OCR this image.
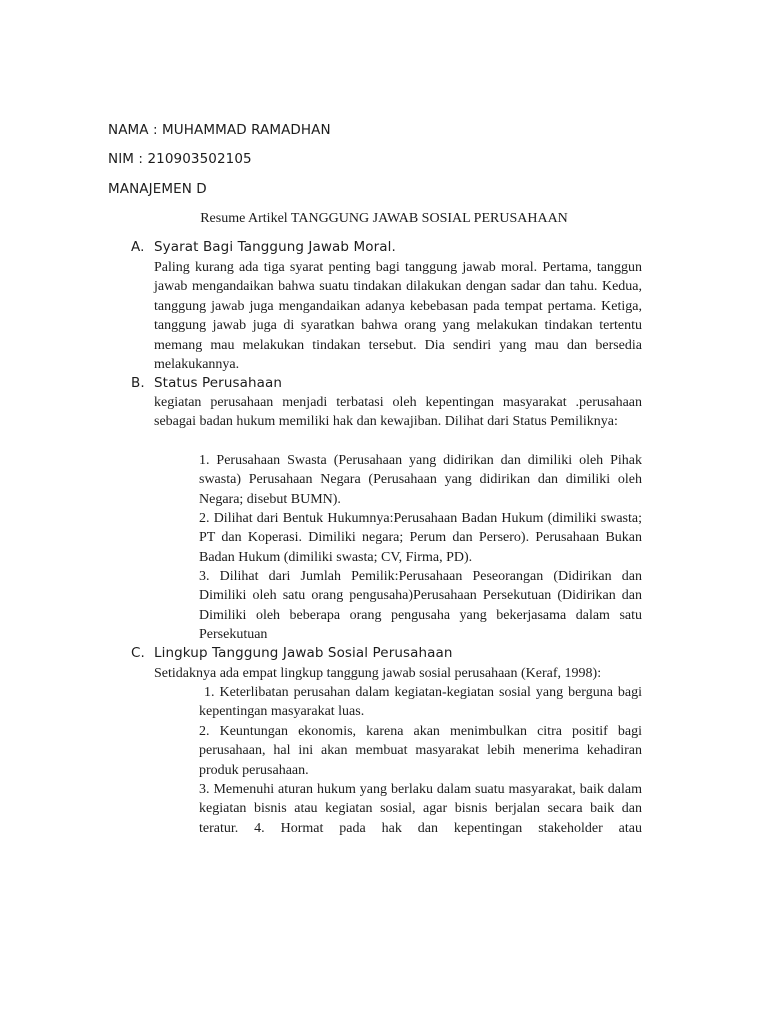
NAMA : MUHAMMAD RAMADHAN
NIM : 210903502105
MANAJEMEN D
Resume Artikel TANGGUNG JAWAB SOSIAL PERUSAHAAN
A. Syarat Bagi Tanggung Jawab Moral.
Paling kurang ada tiga syarat penting bagi tanggung jawab moral. Pertama, tanggun jawab mengandaikan bahwa suatu tindakan dilakukan dengan sadar dan tahu. Kedua, tanggung jawab juga mengandaikan adanya kebebasan pada tempat pertama. Ketiga, tanggung jawab juga di syaratkan bahwa orang yang melakukan tindakan tertentu memang mau melakukan tindakan tersebut. Dia sendiri yang mau dan bersedia melakukannya.
B. Status Perusahaan
kegiatan perusahaan menjadi terbatasi oleh kepentingan masyarakat .perusahaan sebagai badan hukum memiliki hak dan kewajiban. Dilihat dari Status Pemiliknya:
1. Perusahaan Swasta (Perusahaan yang didirikan dan dimiliki oleh Pihak swasta) Perusahaan Negara (Perusahaan yang didirikan dan dimiliki oleh Negara; disebut BUMN).
2. Dilihat dari Bentuk Hukumnya:Perusahaan Badan Hukum (dimiliki swasta; PT dan Koperasi. Dimiliki negara; Perum dan Persero). Perusahaan Bukan Badan Hukum (dimiliki swasta; CV, Firma, PD).
3. Dilihat dari Jumlah Pemilik:Perusahaan Peseorangan (Didirikan dan Dimiliki oleh satu orang pengusaha)Perusahaan Persekutuan (Didirikan dan Dimiliki oleh beberapa orang pengusaha yang bekerjasama dalam satu Persekutuan
C. Lingkup Tanggung Jawab Sosial Perusahaan
Setidaknya ada empat lingkup tanggung jawab sosial perusahaan (Keraf, 1998):
1. Keterlibatan perusahan dalam kegiatan-kegiatan sosial yang berguna bagi kepentingan masyarakat luas.
2. Keuntungan ekonomis, karena akan menimbulkan citra positif bagi perusahaan, hal ini akan membuat masyarakat lebih menerima kehadiran produk perusahaan.
3. Memenuhi aturan hukum yang berlaku dalam suatu masyarakat, baik dalam kegiatan bisnis atau kegiatan sosial, agar bisnis berjalan secara baik dan teratur. 4. Hormat pada hak dan kepentingan stakeholder atau
